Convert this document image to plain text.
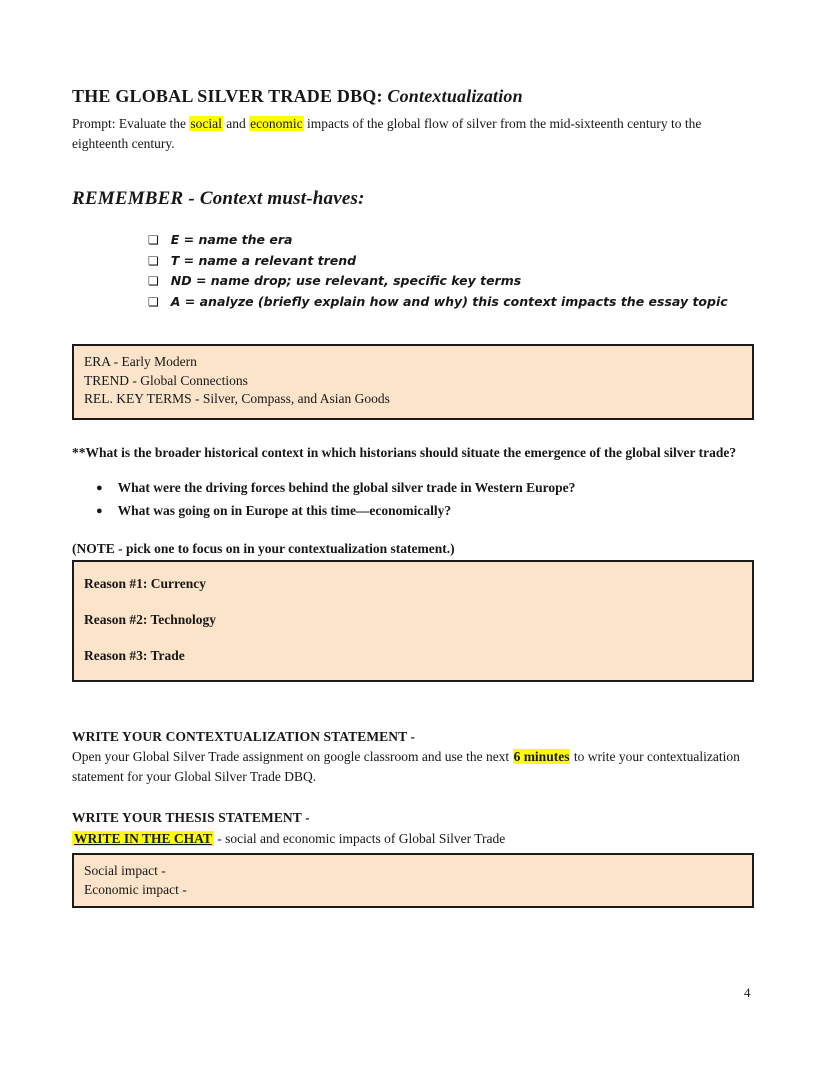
THE GLOBAL SILVER TRADE DBQ: Contextualization

Prompt: Evaluate the social and economic impacts of the global flow of silver from the mid-sixteenth century to the eighteenth century.

REMEMBER - Context must-haves:
❏ E = name the era
❏ T = name a relevant trend
❏ ND = name drop; use relevant, specific key terms
❏ A = analyze (briefly explain how and why) this context impacts the essay topic
ERA - Early Modern
TREND - Global Connections
REL. KEY TERMS - Silver, Compass, and Asian Goods

**What is the broader historical context in which historians should situate the emergence of the global silver trade?

● What were the driving forces behind the global silver trade in Western Europe?
● What was going on in Europe at this time—economically?

(NOTE - pick one to focus on in your contextualization statement.)

Reason #1: Currency
Reason #2: Technology
Reason #3: Trade
WRITE YOUR CONTEXTUALIZATION STATEMENT -

Open your Global Silver Trade assignment on google classroom and use the next 6 minutes to write your contextualization statement for your Global Silver Trade DBQ.

WRITE YOUR THESIS STATEMENT -

WRITE IN THE CHAT - social and economic impacts of Global Silver Trade

Social impact -
Economic impact -
4
